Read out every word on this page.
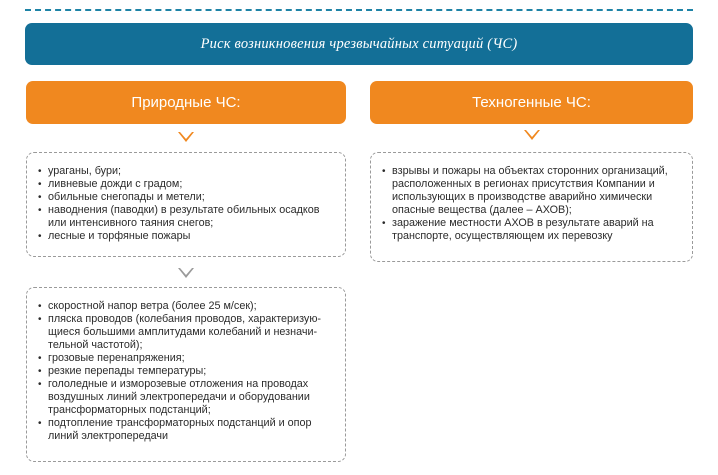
Риск возникновения чрезвычайных ситуаций (ЧС)
Природные ЧС:	Техногенные ЧС:
• ураганы, бури;
• ливневые дожди с градом;
• обильные снегопады и метели;
• наводнения (паводки) в результате обильных осадков или интенсивного таяния снегов;
• лесные и торфяные пожары
• взрывы и пожары на объектах сторонних организаций, расположенных в регионах присутствия Компании и использующих в производстве аварийно химически опасные вещества (далее – АХОВ);
• заражение местности АХОВ в результате аварий на транспорте, осуществляющем их перевозку
• скоростной напор ветра (более 25 м/сек);
• пляска проводов (колебания проводов, характеризую-щиеся большими амплитудами колебаний и незначи-тельной частотой);
• грозовые перенапряжения;
• резкие перепады температуры;
• гололедные и изморозевые отложения на проводах воздушных линий электропередачи и оборудовании трансформаторных подстанций;
• подтопление трансформаторных подстанций и опор линий электропередачи
